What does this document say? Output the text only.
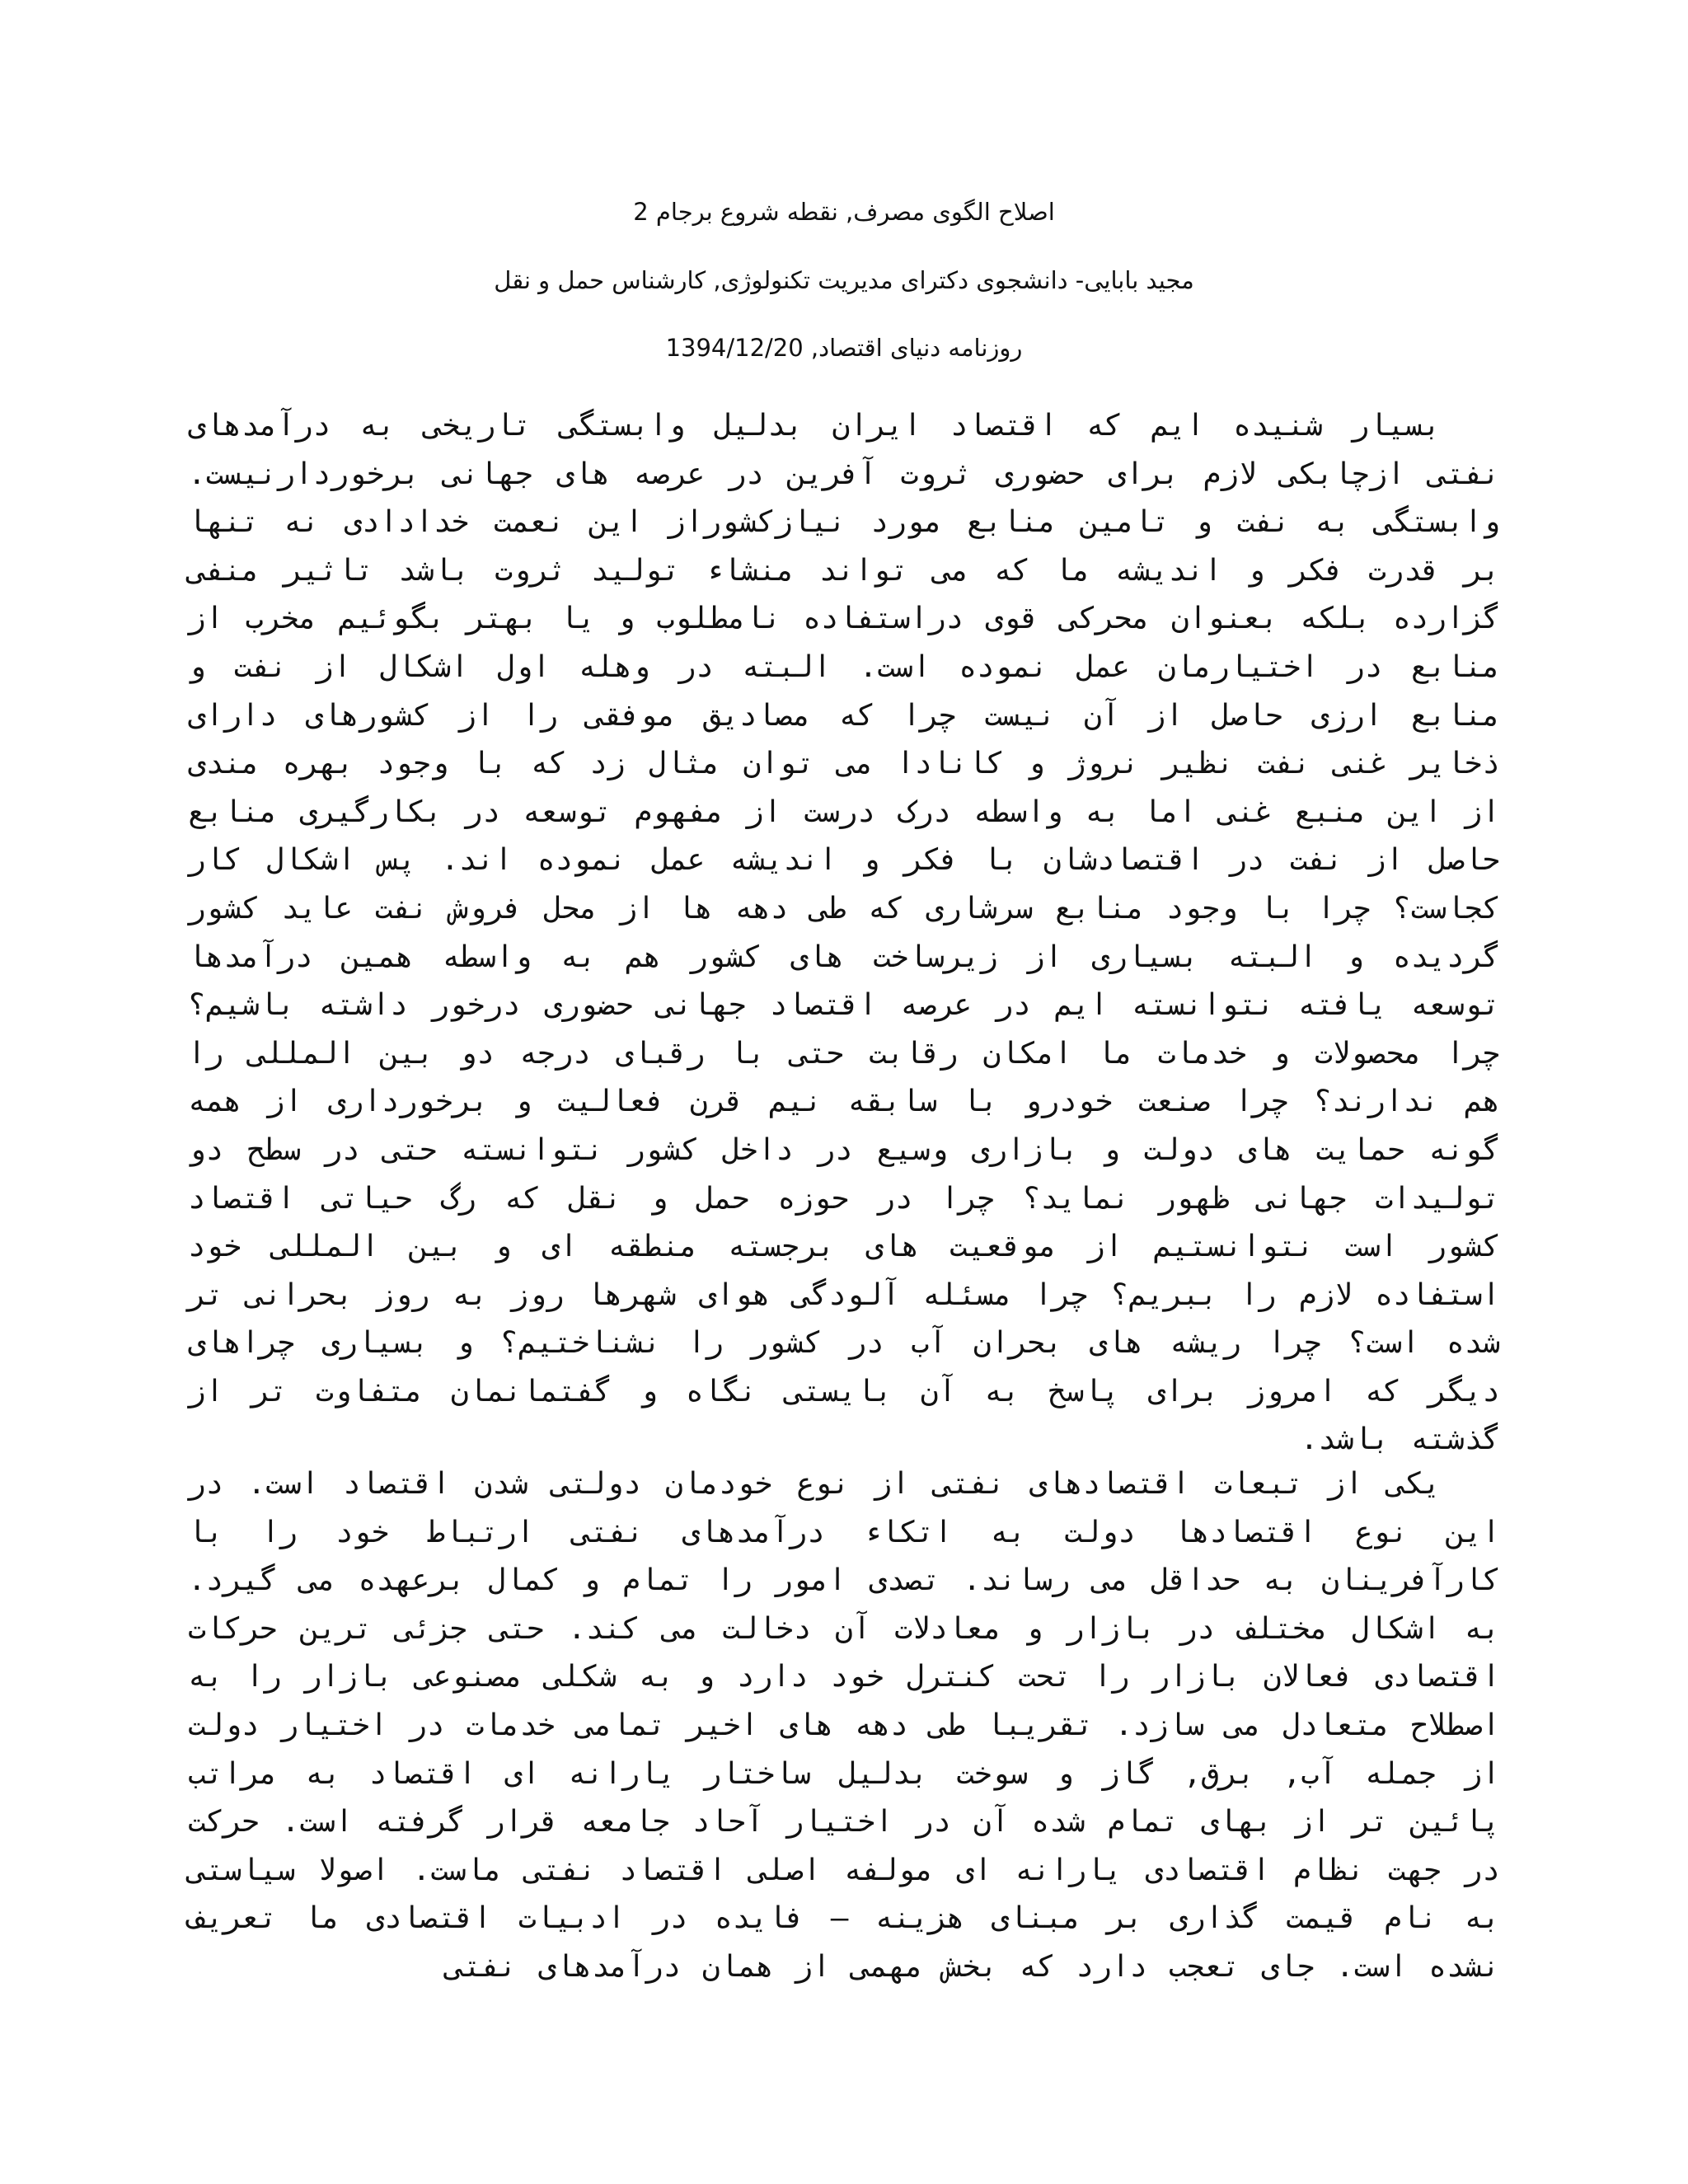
اصلاح الگوی مصرف, نقطه شروع برجام 2
مجید بابایی- دانشجوی دکترای مدیریت تکنولوژی, کارشناس حمل و نقل
روزنامه دنیای اقتصاد, 1394/12/20

بسیار شنیده ایم که اقتصاد ایران بدلیل وابستگی تاریخی به درآمدهای نفتی ازچابکی لازم برای حضوری ثروت آفرین در عرصه های جهانی برخوردارنیست. وابستگی به نفت و تامین منابع مورد نیازکشوراز این نعمت خدادادی نه تنها بر قدرت فکر و اندیشه ما که می تواند منشاء تولید ثروت باشد تاثیر منفی گزارده بلکه بعنوان محرکی قوی دراستفاده نامطلوب و یا بهتر بگوئیم مخرب از منابع در اختیارمان عمل نموده است. البته در وهله اول اشکال از نفت و منابع ارزی حاصل از آن نیست چرا که مصادیق موفقی را از کشورهای دارای ذخایر غنی نفت نظیر نروژ و کانادا می توان مثال زد که با وجود بهره مندی از این منبع غنی اما به واسطه درک درست از مفهوم توسعه در بکارگیری منابع حاصل از نفت در اقتصادشان با فکر و اندیشه عمل نموده اند. پس اشکال کار کجاست؟ چرا با وجود منابع سرشاری که طی دهه ها از محل فروش نفت عاید کشور گردیده و البته بسیاری از زیرساخت های کشور هم به واسطه همین درآمدها توسعه یافته نتوانسته ایم در عرصه اقتصاد جهانی حضوری درخور داشته باشیم؟ چرا محصولات و خدمات ما امکان رقابت حتی با رقبای درجه دو بین المللی را هم ندارند؟ چرا صنعت خودرو با سابقه نیم قرن فعالیت و برخورداری از همه گونه حمایت های دولت و بازاری وسیع در داخل کشور نتوانسته حتی در سطح دو تولیدات جهانی ظهور نماید؟ چرا در حوزه حمل و نقل که رگ حیاتی اقتصاد کشور است نتوانستیم از موقعیت های برجسته منطقه ای و بین المللی خود استفاده لازم را ببریم؟ چرا مسئله آلودگی هوای شهرها روز به روز بحرانی تر شده است؟ چرا ریشه های بحران آب در کشور را نشناختیم؟ و بسیاری چراهای دیگر که امروز برای پاسخ به آن بایستی نگاه و گفتمانمان متفاوت تر از گذشته باشد.

یکی از تبعات اقتصادهای نفتی از نوع خودمان دولتی شدن اقتصاد است. در این نوع اقتصادها دولت به اتکاء درآمدهای نفتی ارتباط خود را با کارآفرینان به حداقل می رساند. تصدی امور را تمام و کمال برعهده می گیرد. به اشکال مختلف در بازار و معادلات آن دخالت می کند. حتی جزئی ترین حرکات اقتصادی فعالان بازار را تحت کنترل خود دارد و به شکلی مصنوعی بازار را به اصطلاح متعادل می سازد. تقریبا طی دهه های اخیر تمامی خدمات در اختیار دولت از جمله آب, برق, گاز و سوخت بدلیل ساختار یارانه ای اقتصاد به مراتب پائین تر از بهای تمام شده آن در اختیار آحاد جامعه قرار گرفته است. حرکت در جهت نظام اقتصادی یارانه ای مولفه اصلی اقتصاد نفتی ماست. اصولا سیاستی به نام قیمت گذاری بر مبنای هزینه – فایده در ادبیات اقتصادی ما تعریف نشده است. جای تعجب دارد که بخش مهمی از همان درآمدهای نفتی
